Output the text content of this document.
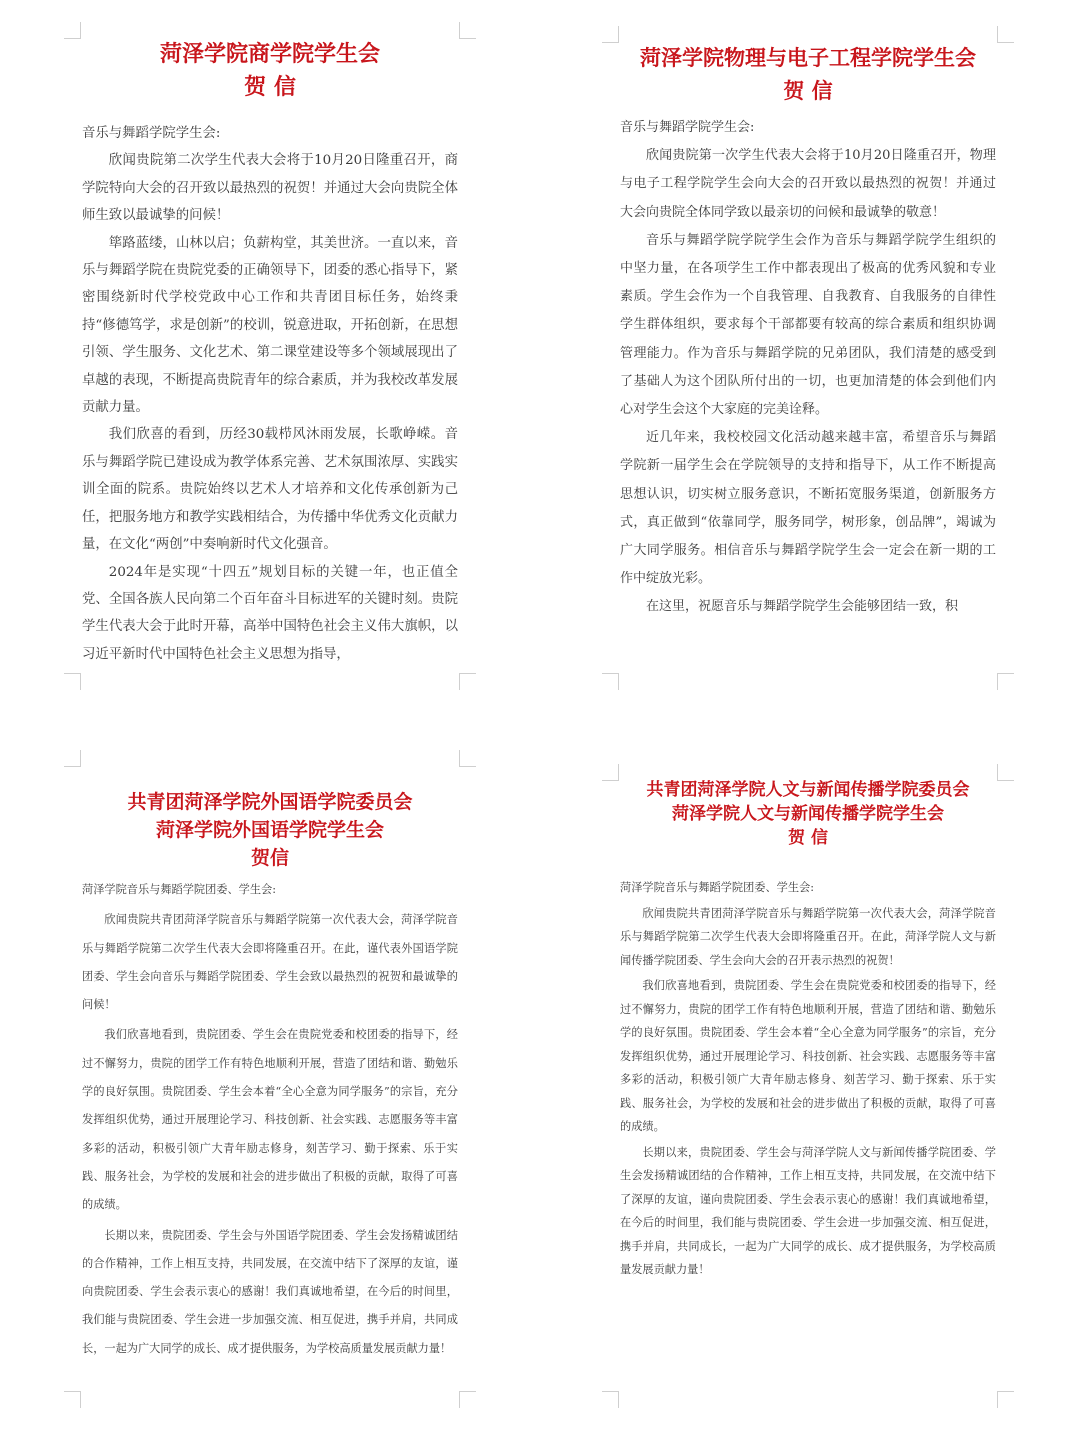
菏泽学院商学院学生会
贺 信

音乐与舞蹈学院学生会:

欣闻贵院第二次学生代表大会将于10月20日隆重召开，商学院特向大会的召开致以最热烈的祝贺！并通过大会向贵院全体师生致以最诚挚的问候！

筚路蓝缕，山林以启；负薪构堂，其美世济。一直以来，音乐与舞蹈学院在贵院党委的正确领导下，团委的悉心指导下，紧密围绕新时代学校党政中心工作和共青团目标任务，始终秉持“修德笃学，求是创新”的校训，锐意进取，开拓创新，在思想引领、学生服务、文化艺术、第二课堂建设等多个领域展现出了卓越的表现，不断提高贵院青年的综合素质，并为我校改革发展贡献力量。

我们欣喜的看到，历经30载栉风沐雨发展，长歌峥嵘。音乐与舞蹈学院已建设成为教学体系完善、艺术氛围浓厚、实践实训全面的院系。贵院始终以艺术人才培养和文化传承创新为己任，把服务地方和教学实践相结合，为传播中华优秀文化贡献力量，在文化“两创”中奏响新时代文化强音。

2024年是实现“十四五”规划目标的关键一年，也正值全党、全国各族人民向第二个百年奋斗目标进军的关键时刻。贵院学生代表大会于此时开幕，高举中国特色社会主义伟大旗帜，以习近平新时代中国特色社会主义思想为指导，

菏泽学院物理与电子工程学院学生会
贺 信

音乐与舞蹈学院学生会:

欣闻贵院第一次学生代表大会将于10月20日隆重召开，物理与电子工程学院学生会向大会的召开致以最热烈的祝贺！并通过大会向贵院全体同学致以最亲切的问候和最诚挚的敬意！

音乐与舞蹈学院学院学生会作为音乐与舞蹈学院学生组织的中坚力量，在各项学生工作中都表现出了极高的优秀风貌和专业素质。学生会作为一个自我管理、自我教育、自我服务的自律性学生群体组织，要求每个干部都要有较高的综合素质和组织协调管理能力。作为音乐与舞蹈学院的兄弟团队，我们清楚的感受到了基础人为这个团队所付出的一切，也更加清楚的体会到他们内心对学生会这个大家庭的完美诠释。

近几年来，我校校园文化活动越来越丰富，希望音乐与舞蹈学院新一届学生会在学院领导的支持和指导下，从工作不断提高思想认识，切实树立服务意识，不断拓宽服务渠道，创新服务方式，真正做到“依靠同学，服务同学，树形象，创品牌”，竭诚为广大同学服务。相信音乐与舞蹈学院学生会一定会在新一期的工作中绽放光彩。

在这里，祝愿音乐与舞蹈学院学生会能够团结一致，积

共青团菏泽学院外国语学院委员会
菏泽学院外国语学院学生会
贺信

菏泽学院音乐与舞蹈学院团委、学生会:

欣闻贵院共青团菏泽学院音乐与舞蹈学院第一次代表大会，菏泽学院音乐与舞蹈学院第二次学生代表大会即将隆重召开。在此，谨代表外国语学院团委、学生会向音乐与舞蹈学院团委、学生会致以最热烈的祝贺和最诚挚的问候！

我们欣喜地看到，贵院团委、学生会在贵院党委和校团委的指导下，经过不懈努力，贵院的团学工作有特色地顺利开展，营造了团结和谐、勤勉乐学的良好氛围。贵院团委、学生会本着“全心全意为同学服务”的宗旨，充分发挥组织优势，通过开展理论学习、科技创新、社会实践、志愿服务等丰富多彩的活动，积极引领广大青年励志修身，刻苦学习、勤于探索、乐于实践、服务社会，为学校的发展和社会的进步做出了积极的贡献，取得了可喜的成绩。

长期以来，贵院团委、学生会与外国语学院团委、学生会发扬精诚团结的合作精神，工作上相互支持，共同发展，在交流中结下了深厚的友谊，谨向贵院团委、学生会表示衷心的感谢！我们真诚地希望，在今后的时间里，我们能与贵院团委、学生会进一步加强交流、相互促进，携手并肩，共同成长，一起为广大同学的成长、成才提供服务，为学校高质量发展贡献力量！

共青团菏泽学院人文与新闻传播学院委员会
菏泽学院人文与新闻传播学院学生会
贺 信

菏泽学院音乐与舞蹈学院团委、学生会:

欣闻贵院共青团菏泽学院音乐与舞蹈学院第一次代表大会，菏泽学院音乐与舞蹈学院第二次学生代表大会即将隆重召开。在此，菏泽学院人文与新闻传播学院团委、学生会向大会的召开表示热烈的祝贺！

我们欣喜地看到，贵院团委、学生会在贵院党委和校团委的指导下，经过不懈努力，贵院的团学工作有特色地顺利开展，营造了团结和谐、勤勉乐学的良好氛围。贵院团委、学生会本着“全心全意为同学服务”的宗旨，充分发挥组织优势，通过开展理论学习、科技创新、社会实践、志愿服务等丰富多彩的活动，积极引领广大青年励志修身、刻苦学习、勤于探索、乐于实践、服务社会，为学校的发展和社会的进步做出了积极的贡献，取得了可喜的成绩。

长期以来，贵院团委、学生会与菏泽学院人文与新闻传播学院团委、学生会发扬精诚团结的合作精神，工作上相互支持，共同发展，在交流中结下了深厚的友谊，谨向贵院团委、学生会表示衷心的感谢！我们真诚地希望，在今后的时间里，我们能与贵院团委、学生会进一步加强交流、相互促进，携手并肩，共同成长，一起为广大同学的成长、成才提供服务，为学校高质量发展贡献力量！
